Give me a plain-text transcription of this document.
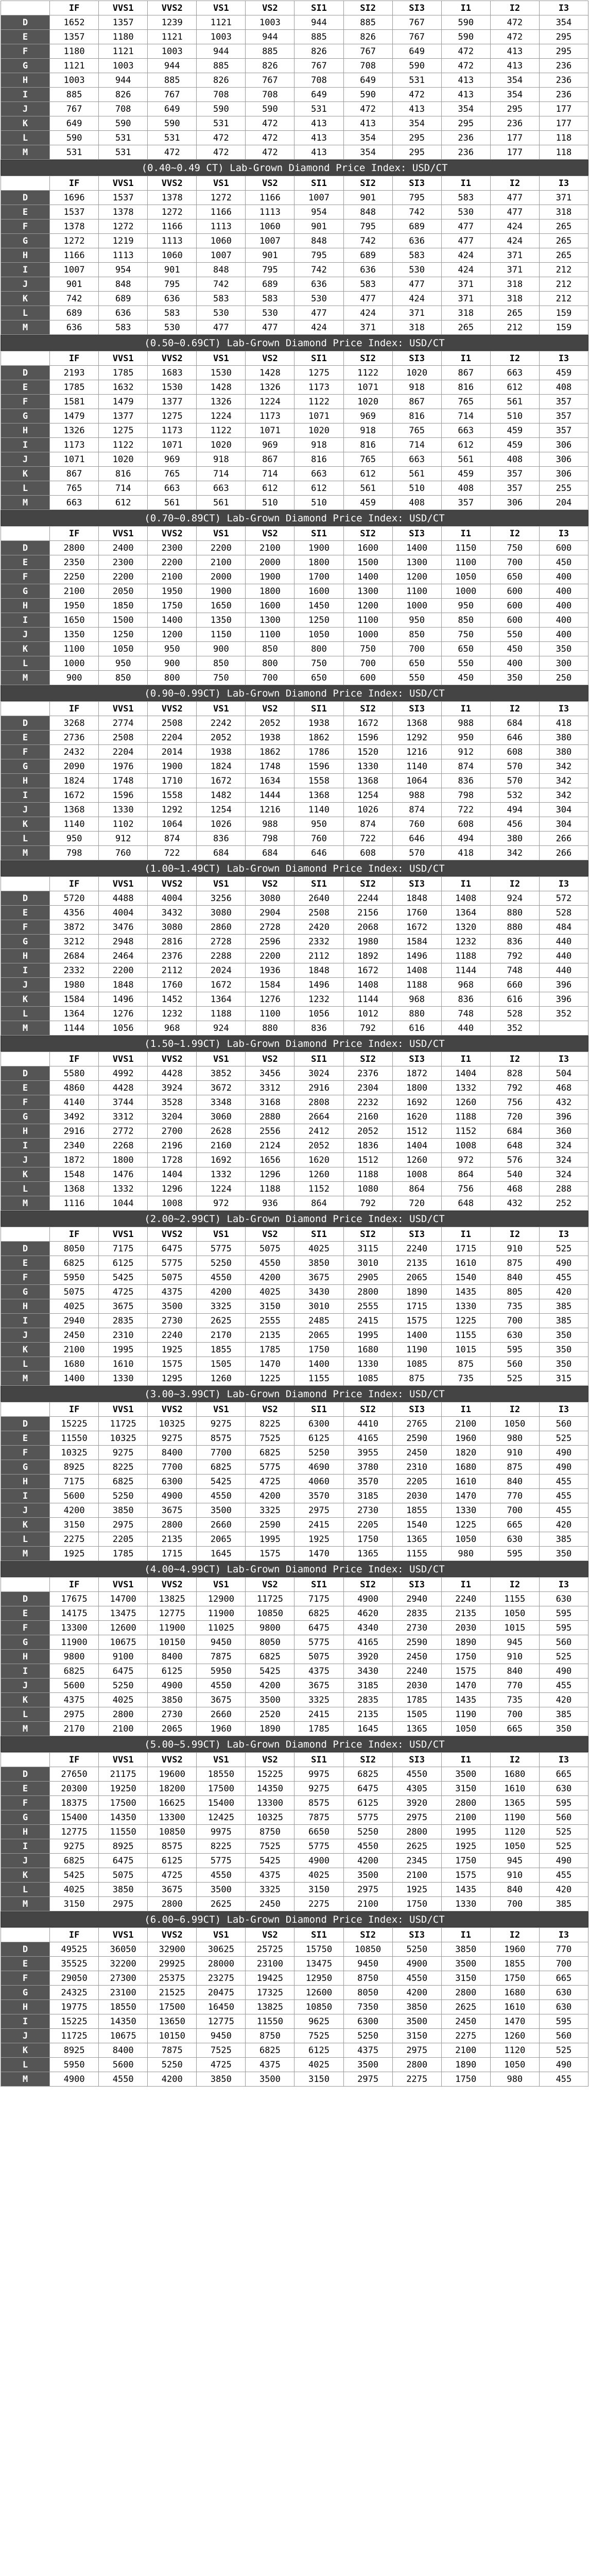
	IF	VVS1	VVS2	VS1	VS2	SI1	SI2	SI3	I1	I2	I3
D	1652	1357	1239	1121	1003	944	885	767	590	472	354
E	1357	1180	1121	1003	944	885	826	767	590	472	295
F	1180	1121	1003	944	885	826	767	649	472	413	295
G	1121	1003	944	885	826	767	708	590	472	413	236
H	1003	944	885	826	767	708	649	531	413	354	236
I	885	826	767	708	708	649	590	472	413	354	236
J	767	708	649	590	590	531	472	413	354	295	177
K	649	590	590	531	472	413	413	354	295	236	177
L	590	531	531	472	472	413	354	295	236	177	118
M	531	531	472	472	472	413	354	295	236	177	118
(0.40~0.49 CT) Lab-Grown Diamond Price Index: USD/CT
	IF	VVS1	VVS2	VS1	VS2	SI1	SI2	SI3	I1	I2	I3
D	1696	1537	1378	1272	1166	1007	901	795	583	477	371
E	1537	1378	1272	1166	1113	954	848	742	530	477	318
F	1378	1272	1166	1113	1060	901	795	689	477	424	265
G	1272	1219	1113	1060	1007	848	742	636	477	424	265
H	1166	1113	1060	1007	901	795	689	583	424	371	265
I	1007	954	901	848	795	742	636	530	424	371	212
J	901	848	795	742	689	636	583	477	371	318	212
K	742	689	636	583	583	530	477	424	371	318	212
L	689	636	583	530	530	477	424	371	318	265	159
M	636	583	530	477	477	424	371	318	265	212	159
(0.50~0.69CT) Lab-Grown Diamond Price Index: USD/CT
	IF	VVS1	VVS2	VS1	VS2	SI1	SI2	SI3	I1	I2	I3
D	2193	1785	1683	1530	1428	1275	1122	1020	867	663	459
E	1785	1632	1530	1428	1326	1173	1071	918	816	612	408
F	1581	1479	1377	1326	1224	1122	1020	867	765	561	357
G	1479	1377	1275	1224	1173	1071	969	816	714	510	357
H	1326	1275	1173	1122	1071	1020	918	765	663	459	357
I	1173	1122	1071	1020	969	918	816	714	612	459	306
J	1071	1020	969	918	867	816	765	663	561	408	306
K	867	816	765	714	714	663	612	561	459	357	306
L	765	714	663	663	612	612	561	510	408	357	255
M	663	612	561	561	510	510	459	408	357	306	204
(0.70~0.89CT) Lab-Grown Diamond Price Index: USD/CT
	IF	VVS1	VVS2	VS1	VS2	SI1	SI2	SI3	I1	I2	I3
D	2800	2400	2300	2200	2100	1900	1600	1400	1150	750	600
E	2350	2300	2200	2100	2000	1800	1500	1300	1100	700	450
F	2250	2200	2100	2000	1900	1700	1400	1200	1050	650	400
G	2100	2050	1950	1900	1800	1600	1300	1100	1000	600	400
H	1950	1850	1750	1650	1600	1450	1200	1000	950	600	400
I	1650	1500	1400	1350	1300	1250	1100	950	850	600	400
J	1350	1250	1200	1150	1100	1050	1000	850	750	550	400
K	1100	1050	950	900	850	800	750	700	650	450	350
L	1000	950	900	850	800	750	700	650	550	400	300
M	900	850	800	750	700	650	600	550	450	350	250
(0.90~0.99CT) Lab-Grown Diamond Price Index: USD/CT
	IF	VVS1	VVS2	VS1	VS2	SI1	SI2	SI3	I1	I2	I3
D	3268	2774	2508	2242	2052	1938	1672	1368	988	684	418
E	2736	2508	2204	2052	1938	1862	1596	1292	950	646	380
F	2432	2204	2014	1938	1862	1786	1520	1216	912	608	380
G	2090	1976	1900	1824	1748	1596	1330	1140	874	570	342
H	1824	1748	1710	1672	1634	1558	1368	1064	836	570	342
I	1672	1596	1558	1482	1444	1368	1254	988	798	532	342
J	1368	1330	1292	1254	1216	1140	1026	874	722	494	304
K	1140	1102	1064	1026	988	950	874	760	608	456	304
L	950	912	874	836	798	760	722	646	494	380	266
M	798	760	722	684	684	646	608	570	418	342	266
(1.00~1.49CT) Lab-Grown Diamond Price Index: USD/CT
	IF	VVS1	VVS2	VS1	VS2	SI1	SI2	SI3	I1	I2	I3
D	5720	4488	4004	3256	3080	2640	2244	1848	1408	924	572
E	4356	4004	3432	3080	2904	2508	2156	1760	1364	880	528
F	3872	3476	3080	2860	2728	2420	2068	1672	1320	880	484
G	3212	2948	2816	2728	2596	2332	1980	1584	1232	836	440
H	2684	2464	2376	2288	2200	2112	1892	1496	1188	792	440
I	2332	2200	2112	2024	1936	1848	1672	1408	1144	748	440
J	1980	1848	1760	1672	1584	1496	1408	1188	968	660	396
K	1584	1496	1452	1364	1276	1232	1144	968	836	616	396
L	1364	1276	1232	1188	1100	1056	1012	880	748	528	352
M	1144	1056	968	924	880	836	792	616	440	352	
(1.50~1.99CT) Lab-Grown Diamond Price Index: USD/CT
	IF	VVS1	VVS2	VS1	VS2	SI1	SI2	SI3	I1	I2	I3
D	5580	4992	4428	3852	3456	3024	2376	1872	1404	828	504
E	4860	4428	3924	3672	3312	2916	2304	1800	1332	792	468
F	4140	3744	3528	3348	3168	2808	2232	1692	1260	756	432
G	3492	3312	3204	3060	2880	2664	2160	1620	1188	720	396
H	2916	2772	2700	2628	2556	2412	2052	1512	1152	684	360
I	2340	2268	2196	2160	2124	2052	1836	1404	1008	648	324
J	1872	1800	1728	1692	1656	1620	1512	1260	972	576	324
K	1548	1476	1404	1332	1296	1260	1188	1008	864	540	324
L	1368	1332	1296	1224	1188	1152	1080	864	756	468	288
M	1116	1044	1008	972	936	864	792	720	648	432	252
(2.00~2.99CT) Lab-Grown Diamond Price Index: USD/CT
	IF	VVS1	VVS2	VS1	VS2	SI1	SI2	SI3	I1	I2	I3
D	8050	7175	6475	5775	5075	4025	3115	2240	1715	910	525
E	6825	6125	5775	5250	4550	3850	3010	2135	1610	875	490
F	5950	5425	5075	4550	4200	3675	2905	2065	1540	840	455
G	5075	4725	4375	4200	4025	3430	2800	1890	1435	805	420
H	4025	3675	3500	3325	3150	3010	2555	1715	1330	735	385
I	2940	2835	2730	2625	2555	2485	2415	1575	1225	700	385
J	2450	2310	2240	2170	2135	2065	1995	1400	1155	630	350
K	2100	1995	1925	1855	1785	1750	1680	1190	1015	595	350
L	1680	1610	1575	1505	1470	1400	1330	1085	875	560	350
M	1400	1330	1295	1260	1225	1155	1085	875	735	525	315
(3.00~3.99CT) Lab-Grown Diamond Price Index: USD/CT
	IF	VVS1	VVS2	VS1	VS2	SI1	SI2	SI3	I1	I2	I3
D	15225	11725	10325	9275	8225	6300	4410	2765	2100	1050	560
E	11550	10325	9275	8575	7525	6125	4165	2590	1960	980	525
F	10325	9275	8400	7700	6825	5250	3955	2450	1820	910	490
G	8925	8225	7700	6825	5775	4690	3780	2310	1680	875	490
H	7175	6825	6300	5425	4725	4060	3570	2205	1610	840	455
I	5600	5250	4900	4550	4200	3570	3185	2030	1470	770	455
J	4200	3850	3675	3500	3325	2975	2730	1855	1330	700	455
K	3150	2975	2800	2660	2590	2415	2205	1540	1225	665	420
L	2275	2205	2135	2065	1995	1925	1750	1365	1050	630	385
M	1925	1785	1715	1645	1575	1470	1365	1155	980	595	350
(4.00~4.99CT) Lab-Grown Diamond Price Index: USD/CT
	IF	VVS1	VVS2	VS1	VS2	SI1	SI2	SI3	I1	I2	I3
D	17675	14700	13825	12900	11725	7175	4900	2940	2240	1155	630
E	14175	13475	12775	11900	10850	6825	4620	2835	2135	1050	595
F	13300	12600	11900	11025	9800	6475	4340	2730	2030	1015	595
G	11900	10675	10150	9450	8050	5775	4165	2590	1890	945	560
H	9800	9100	8400	7875	6825	5075	3920	2450	1750	910	525
I	6825	6475	6125	5950	5425	4375	3430	2240	1575	840	490
J	5600	5250	4900	4550	4200	3675	3185	2030	1470	770	455
K	4375	4025	3850	3675	3500	3325	2835	1785	1435	735	420
L	2975	2800	2730	2660	2520	2415	2135	1505	1190	700	385
M	2170	2100	2065	1960	1890	1785	1645	1365	1050	665	350
(5.00~5.99CT) Lab-Grown Diamond Price Index: USD/CT
	IF	VVS1	VVS2	VS1	VS2	SI1	SI2	SI3	I1	I2	I3
D	27650	21175	19600	18550	15225	9975	6825	4550	3500	1680	665
E	20300	19250	18200	17500	14350	9275	6475	4305	3150	1610	630
F	18375	17500	16625	15400	13300	8575	6125	3920	2800	1365	595
G	15400	14350	13300	12425	10325	7875	5775	2975	2100	1190	560
H	12775	11550	10850	9975	8750	6650	5250	2800	1995	1120	525
I	9275	8925	8575	8225	7525	5775	4550	2625	1925	1050	525
J	6825	6475	6125	5775	5425	4900	4200	2345	1750	945	490
K	5425	5075	4725	4550	4375	4025	3500	2100	1575	910	455
L	4025	3850	3675	3500	3325	3150	2975	1925	1435	840	420
M	3150	2975	2800	2625	2450	2275	2100	1750	1330	700	385
(6.00~6.99CT) Lab-Grown Diamond Price Index: USD/CT
	IF	VVS1	VVS2	VS1	VS2	SI1	SI2	SI3	I1	I2	I3
D	49525	36050	32900	30625	25725	15750	10850	5250	3850	1960	770
E	35525	32200	29925	28000	23100	13475	9450	4900	3500	1855	700
F	29050	27300	25375	23275	19425	12950	8750	4550	3150	1750	665
G	24325	23100	21525	20475	17325	12600	8050	4200	2800	1680	630
H	19775	18550	17500	16450	13825	10850	7350	3850	2625	1610	630
I	15225	14350	13650	12775	11550	9625	6300	3500	2450	1470	595
J	11725	10675	10150	9450	8750	7525	5250	3150	2275	1260	560
K	8925	8400	7875	7525	6825	6125	4375	2975	2100	1120	525
L	5950	5600	5250	4725	4375	4025	3500	2800	1890	1050	490
M	4900	4550	4200	3850	3500	3150	2975	2275	1750	980	455
